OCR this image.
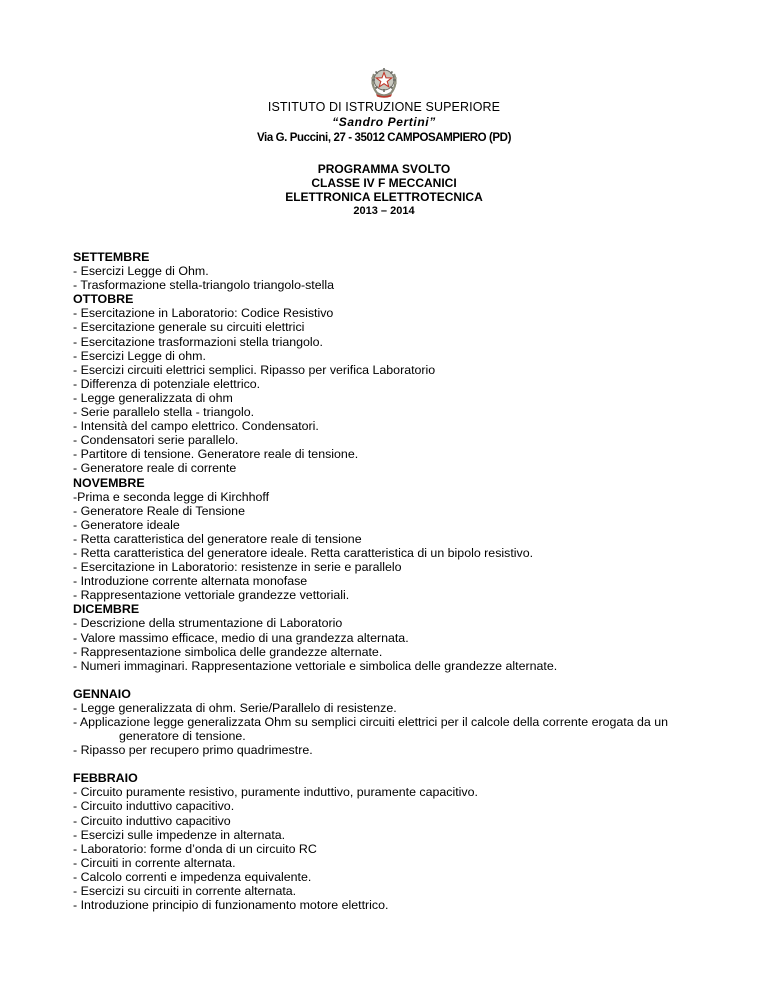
ISTITUTO DI ISTRUZIONE SUPERIORE
“Sandro Pertini”
Via G. Puccini, 27 - 35012 CAMPOSAMPIERO (PD)
PROGRAMMA SVOLTO
CLASSE IV F MECCANICI
ELETTRONICA ELETTROTECNICA
2013 – 2014
SETTEMBRE
- Esercizi Legge di Ohm.
- Trasformazione stella-triangolo triangolo-stella
OTTOBRE
- Esercitazione in Laboratorio: Codice Resistivo
- Esercitazione generale su circuiti elettrici
- Esercitazione trasformazioni stella triangolo.
- Esercizi Legge di ohm.
- Esercizi circuiti elettrici semplici. Ripasso per verifica Laboratorio
- Differenza di potenziale elettrico.
- Legge generalizzata di ohm
- Serie parallelo stella - triangolo.
- Intensità del campo elettrico. Condensatori.
- Condensatori serie parallelo.
- Partitore di tensione. Generatore reale di tensione.
- Generatore reale di corrente
NOVEMBRE
-Prima e seconda legge di Kirchhoff
- Generatore Reale di Tensione
- Generatore ideale
- Retta caratteristica del generatore reale di tensione
- Retta caratteristica del generatore ideale. Retta caratteristica di un bipolo resistivo.
- Esercitazione in Laboratorio: resistenze in serie e parallelo
- Introduzione corrente alternata monofase
- Rappresentazione vettoriale grandezze vettoriali.
DICEMBRE
- Descrizione della strumentazione di Laboratorio
- Valore massimo efficace, medio di una grandezza alternata.
- Rappresentazione simbolica delle grandezze alternate.
- Numeri immaginari. Rappresentazione vettoriale e simbolica delle grandezze alternate.
GENNAIO
- Legge generalizzata di ohm. Serie/Parallelo di resistenze.
- Applicazione legge generalizzata Ohm su semplici circuiti elettrici per il calcole della corrente erogata da un
generatore di tensione.
- Ripasso per recupero primo quadrimestre.
FEBBRAIO
- Circuito puramente resistivo, puramente induttivo, puramente capacitivo.
- Circuito induttivo capacitivo.
- Circuito induttivo capacitivo
- Esercizi sulle impedenze in alternata.
- Laboratorio: forme d’onda di un circuito RC
- Circuiti in corrente alternata.
- Calcolo correnti e impedenza equivalente.
- Esercizi su circuiti in corrente alternata.
- Introduzione principio di funzionamento motore elettrico.
